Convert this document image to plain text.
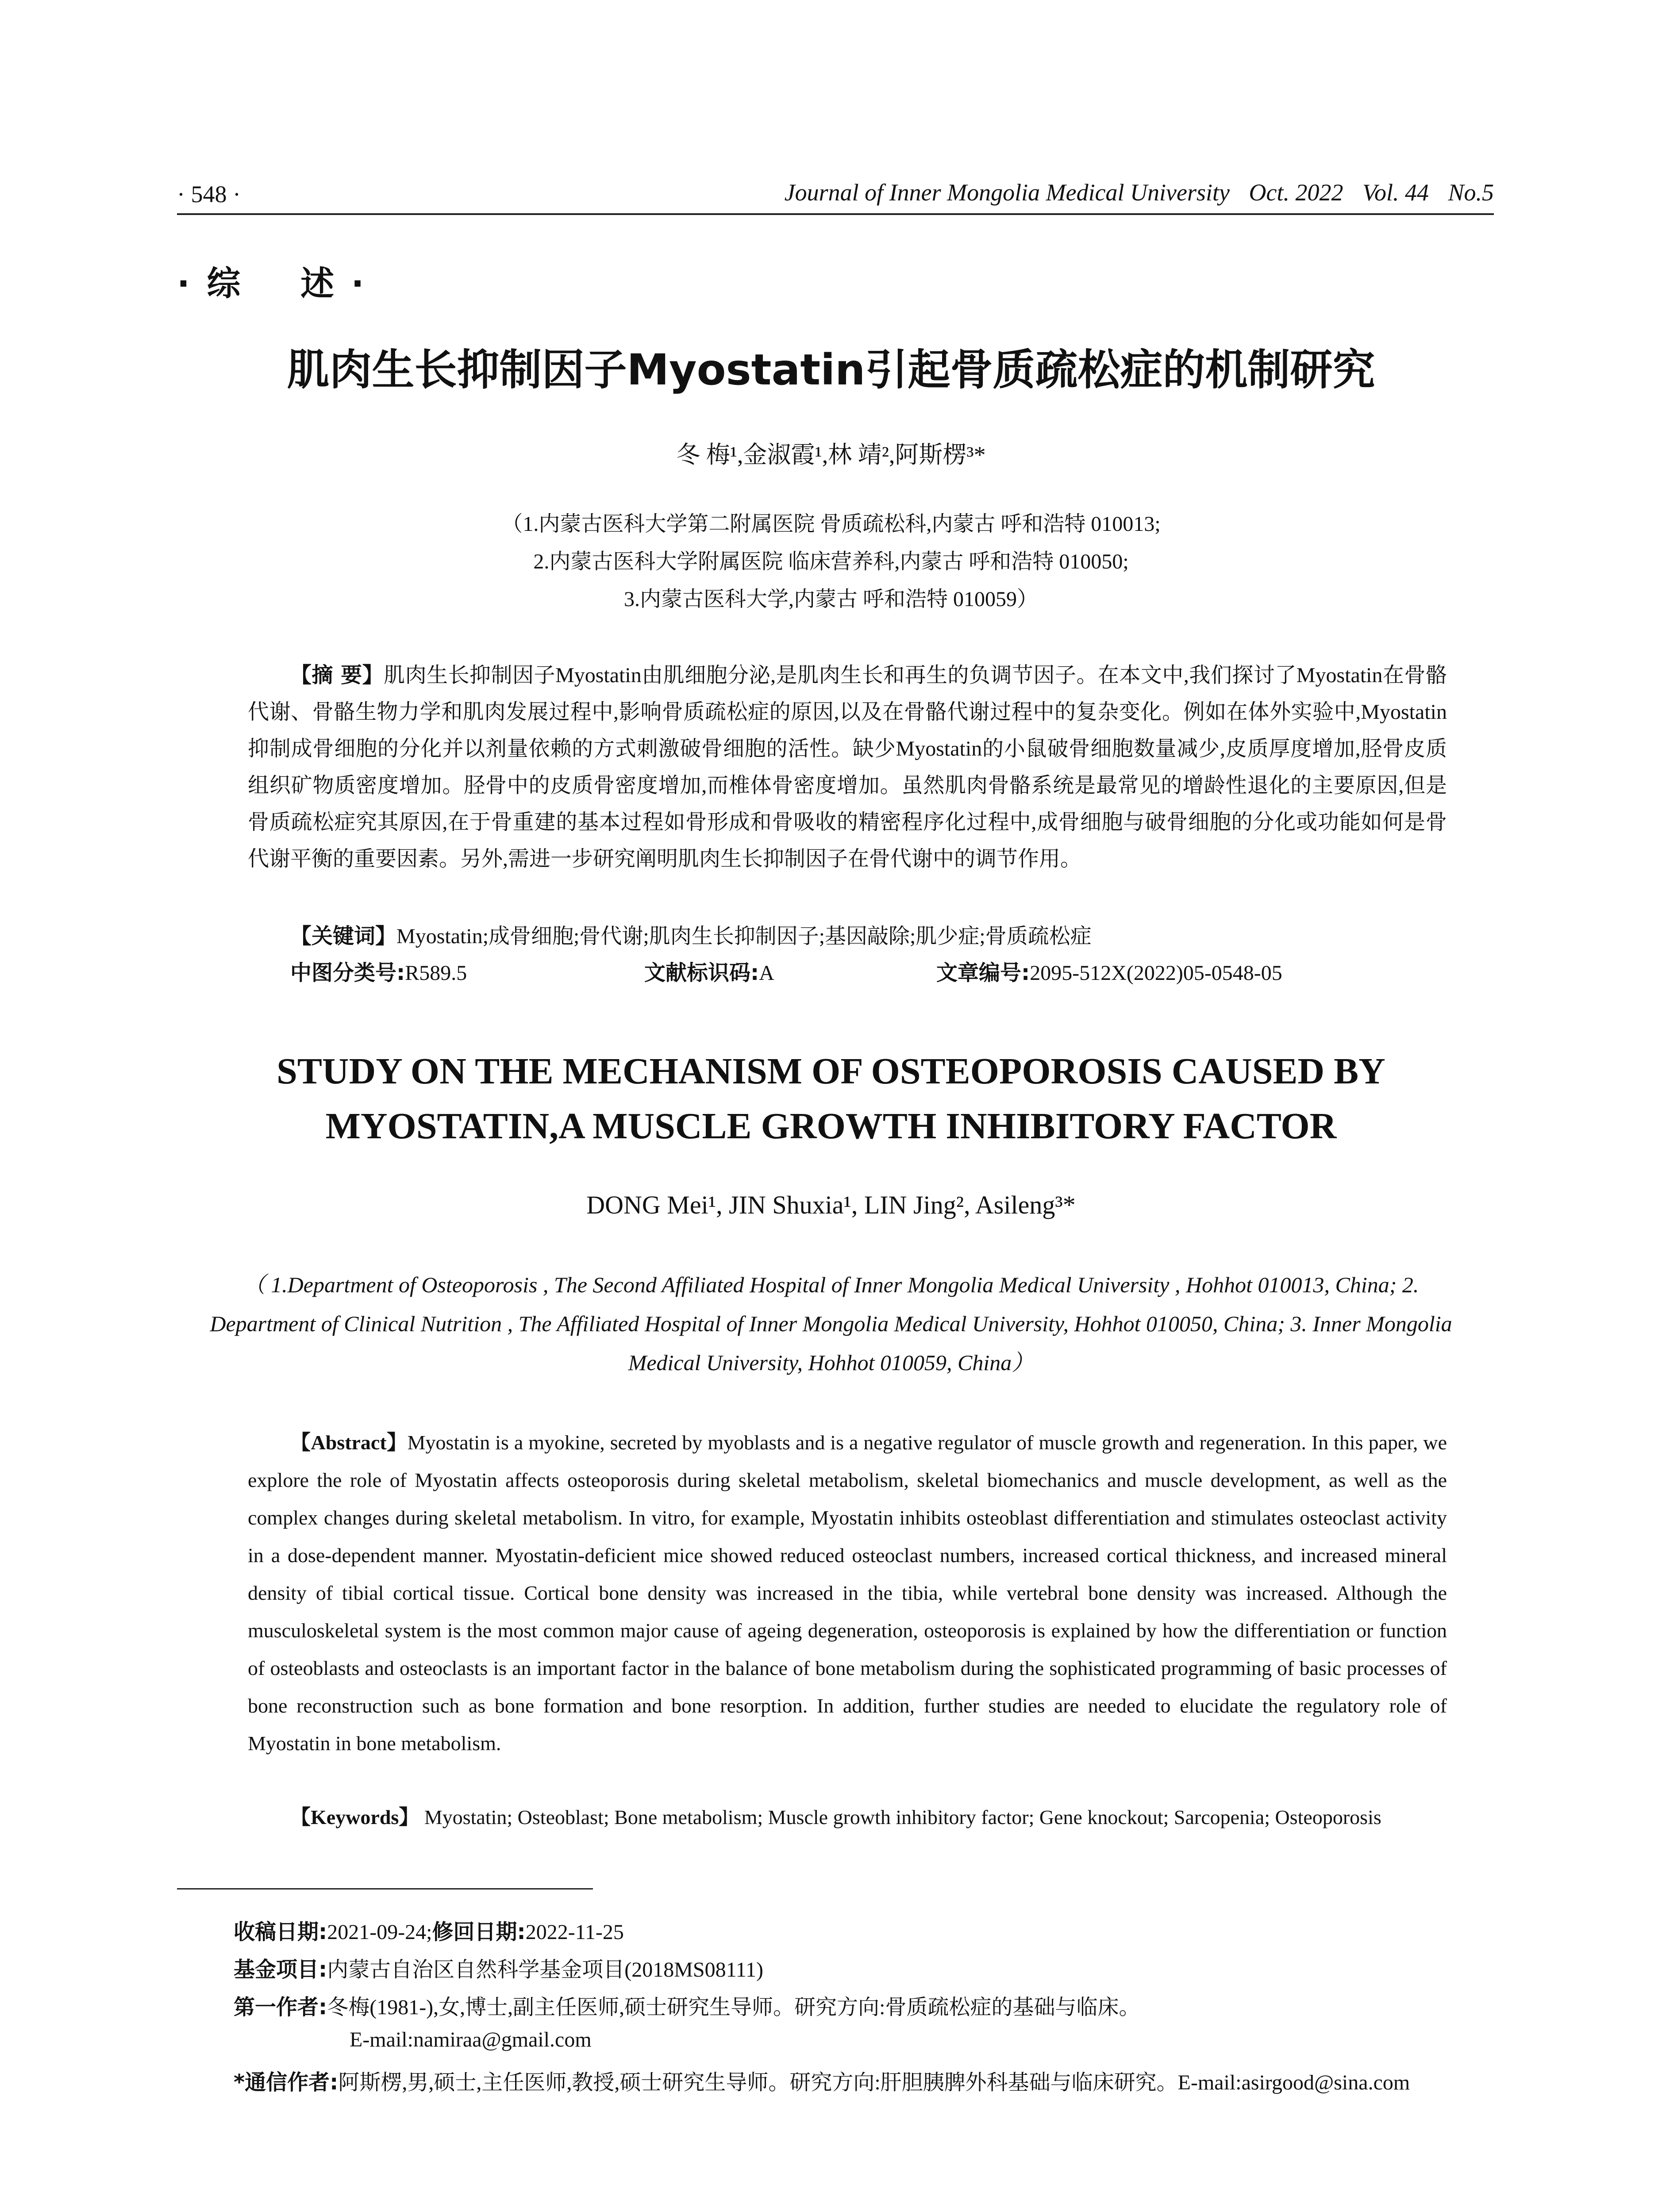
· 548 ·	Journal of Inner Mongolia Medical University Oct. 2022 Vol. 44 No.5
· 综    述 ·
肌肉生长抑制因子Myostatin引起骨质疏松症的机制研究
冬 梅¹,金淑霞¹,林 靖²,阿斯楞³*
（1.内蒙古医科大学第二附属医院 骨质疏松科,内蒙古 呼和浩特 010013;
2.内蒙古医科大学附属医院 临床营养科,内蒙古 呼和浩特 010050;
3.内蒙古医科大学,内蒙古 呼和浩特 010059）
【摘 要】肌肉生长抑制因子Myostatin由肌细胞分泌,是肌肉生长和再生的负调节因子。在本文中,我们探讨了Myostatin在骨骼代谢、骨骼生物力学和肌肉发展过程中,影响骨质疏松症的原因,以及在骨骼代谢过程中的复杂变化。例如在体外实验中,Myostatin抑制成骨细胞的分化并以剂量依赖的方式刺激破骨细胞的活性。缺少Myostatin的小鼠破骨细胞数量减少,皮质厚度增加,胫骨皮质组织矿物质密度增加。胫骨中的皮质骨密度增加,而椎体骨密度增加。虽然肌肉骨骼系统是最常见的增龄性退化的主要原因,但是骨质疏松症究其原因,在于骨重建的基本过程如骨形成和骨吸收的精密程序化过程中,成骨细胞与破骨细胞的分化或功能如何是骨代谢平衡的重要因素。另外,需进一步研究阐明肌肉生长抑制因子在骨代谢中的调节作用。
【关键词】Myostatin;成骨细胞;骨代谢;肌肉生长抑制因子;基因敲除;肌少症;骨质疏松症
中图分类号:R589.5	文献标识码:A	文章编号:2095-512X(2022)05-0548-05
STUDY ON THE MECHANISM OF OSTEOPOROSIS CAUSED BY
MYOSTATIN,A MUSCLE GROWTH INHIBITORY FACTOR
DONG Mei¹, JIN Shuxia¹, LIN Jing², Asileng³*
（ 1.Department of Osteoporosis , The Second Affiliated Hospital of Inner Mongolia Medical University , Hohhot 010013, China; 2. Department of Clinical Nutrition , The Affiliated Hospital of Inner Mongolia Medical University, Hohhot 010050, China; 3. Inner Mongolia Medical University, Hohhot 010059, China）
【Abstract】Myostatin is a myokine, secreted by myoblasts and is a negative regulator of muscle growth and regeneration. In this paper, we explore the role of Myostatin affects osteoporosis during skeletal metabolism, skeletal biomechanics and muscle development, as well as the complex changes during skeletal metabolism. In vitro, for example, Myostatin inhibits osteoblast differentiation and stimulates osteoclast activity in a dose-dependent manner. Myostatin-deficient mice showed reduced osteoclast numbers, increased cortical thickness, and increased mineral density of tibial cortical tissue. Cortical bone density was increased in the tibia, while vertebral bone density was increased. Although the musculoskeletal system is the most common major cause of ageing degeneration, osteoporosis is explained by how the differentiation or function of osteoblasts and osteoclasts is an important factor in the balance of bone metabolism during the sophisticated programming of basic processes of bone reconstruction such as bone formation and bone resorption. In addition, further studies are needed to elucidate the regulatory role of Myostatin in bone metabolism.
【Keywords】 Myostatin; Osteoblast; Bone metabolism; Muscle growth inhibitory factor; Gene knockout; Sarcopenia; Osteoporosis
收稿日期:2021-09-24;修回日期:2022-11-25
基金项目:内蒙古自治区自然科学基金项目(2018MS08111)
第一作者:冬梅(1981-),女,博士,副主任医师,硕士研究生导师。研究方向:骨质疏松症的基础与临床。
E-mail:namiraa@gmail.com
*通信作者:阿斯楞,男,硕士,主任医师,教授,硕士研究生导师。研究方向:肝胆胰脾外科基础与临床研究。E-mail:asirgood@sina.com
